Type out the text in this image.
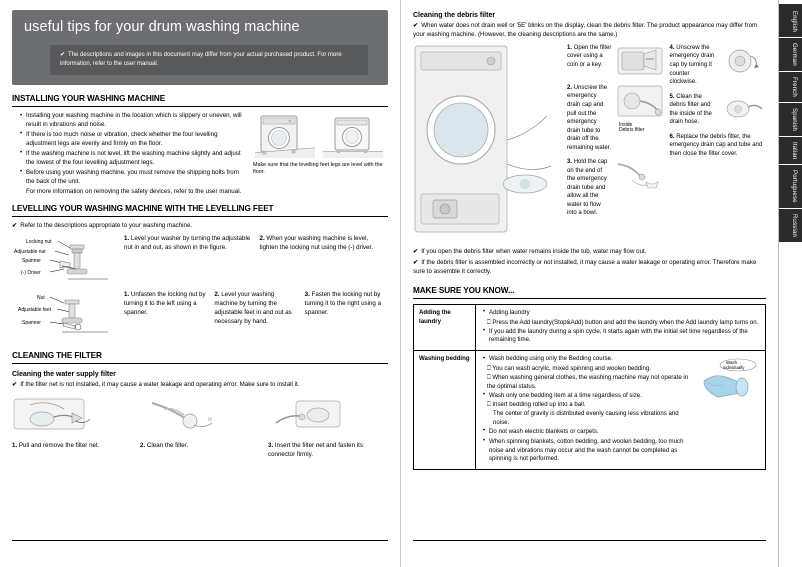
useful tips for your drum washing machine
✔ The descriptions and images in this document may differ from your actual purchased product. For more information, refer to the user manual.
INSTALLING YOUR WASHING MACHINE
• Installing your washing machine in the location which is slippery or uneven, will result in vibrations and noise.
• If there is too much noise or vibration, check whether the four levelling adjustment legs are evenly and firmly on the floor.
• If the washing machine is not level, lift the washing machine slightly and adjust the lowest of the four levelling adjustment legs.
• Before using your washing machine, you must remove the shipping bolts from the back of the unit.
For more information on removing the safety devices, refer to the user manual.
Make sure that the levelling feet legs are level with the floor.
LEVELLING YOUR WASHING MACHINE WITH THE LEVELLING FEET
✔ Refer to the descriptions appropriate to your washing machine.
Locking nut
Adjustable nut
Spanner
(-) Driver
1. Level your washer by turning the adjustable nut in and out, as shown in the figure.
2. When your washing machine is level, tighten the locking nut using the (-) driver.
Nut
Adjustable feet
Spanner
1. Unfasten the locking nut by turning it to the left using a spanner.
2. Level your washing machine by turning the adjustable feet in and out as necessary by hand.
3. Fasten the locking nut by turning it to the right using a spanner.
CLEANING THE FILTER
Cleaning the water supply filter
✔ If the filter net is not installed, it may cause a water leakage and operating error. Make sure to install it.
1. Pull and remove the filter net.	2. Clean the filter.	3. Insert the filter net and fasten its connector firmly.
Cleaning the debris filter
✔ When water does not drain well or '5E' blinks on the display, clean the debris filter. The product appearance may differ from your washing machine. (However, the cleaning descriptions are the same.)
1. Open the filter cover using a coin or a key.
2. Unscrew the emergency drain cap and pull out the emergency drain tube to drain off the remaining water.
Inside
Debris filter
3. Hold the cap on the end of the emergency drain tube and allow all the water to flow into a bowl.
4. Unscrew the emergency drain cap by turning it counter clockwise.
5. Clean the debris filter and the inside of the drain hose.
6. Replace the debris filter, the emergency drain cap and tube and then close the filter cover.
✔ If you open the debris filter when water remains inside the tub, water may flow out.
✔ If the debris filter is assembled incorrectly or not installed, it may cause a water leakage or operating error. Therefore make sure to assemble it correctly.
MAKE SURE YOU KNOW...
Adding the laundry	
• Adding laundry
⎕ Press the Add laundry(Stop&Add) button and add the laundry when the Add laundry lamp turns on.
• If you add the laundry during a spin cycle, it starts again with the initial set time regardless of the remaining time.

Washing bedding	
•Wash bedding using only the Bedding course.
⎕ You can wash acrylic, mixed spinning and woolen bedding.
⎕ When washing general clothes, the washing machine may not operate in the optimal status.
• Wash only one bedding item at a time regardless of size.
⎕ Insert bedding rolled up into a ball.
The center of gravity is distributed evenly causing less vibrations and noise.
• Do not wash electric blankets or carpets.
• When spinning blankets, cotton bedding, and woolen bedding, too much noise and vibrations may occur and the wash cannot be completed as spinning is not performed.
Wash
individually
English
German
French
Spanish
Italian
Portuguese
Russian
